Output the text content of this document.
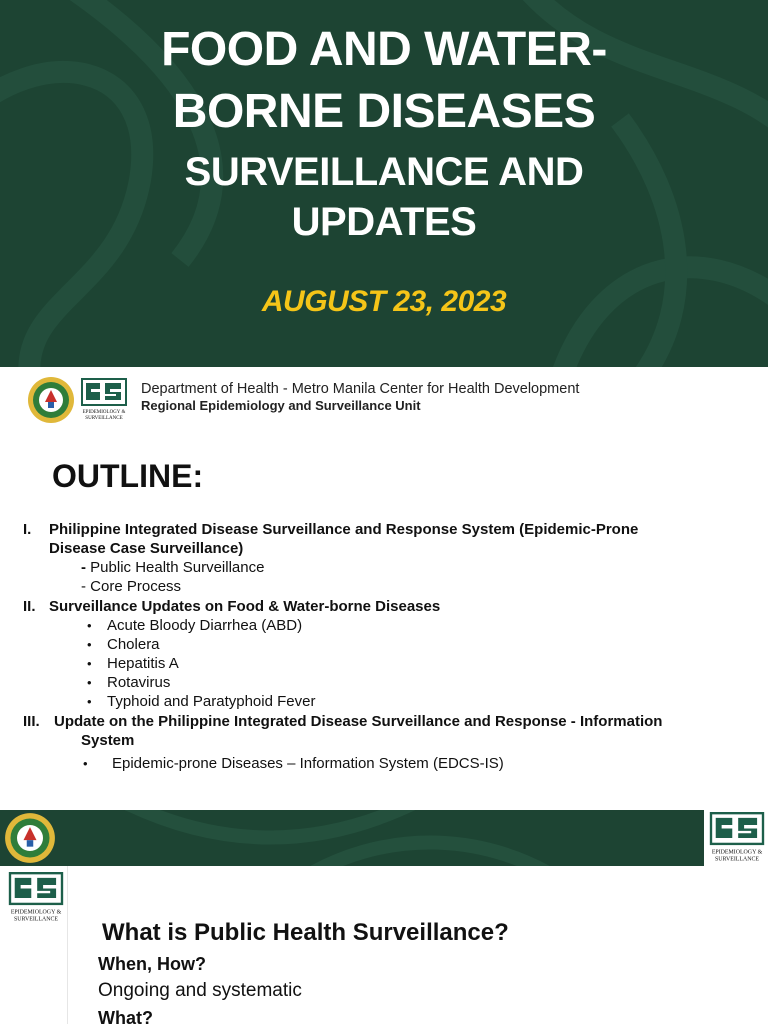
FOOD AND WATER-
BORNE DISEASES
SURVEILLANCE AND
UPDATES
AUGUST 23, 2023
EPIDEMIOLOGY &
SURVEILLANCE
Department of Health - Metro Manila Center for Health Development
Regional Epidemiology and Surveillance Unit
OUTLINE:
I. Philippine Integrated Disease Surveillance and Response System (Epidemic-Prone
Disease Case Surveillance)
- Public Health Surveillance
- Core Process
II. Surveillance Updates on Food & Water-borne Diseases
• Acute Bloody Diarrhea (ABD)
• Cholera
• Hepatitis A
• Rotavirus
• Typhoid and Paratyphoid Fever
III. Update on the Philippine Integrated Disease Surveillance and Response - Information
System
• Epidemic-prone Diseases – Information System (EDCS-IS)
EPIDEMIOLOGY &
SURVEILLANCE
EPIDEMIOLOGY &
SURVEILLANCE What is Public Health Surveillance?
When, How?
Ongoing and systematic
What?
